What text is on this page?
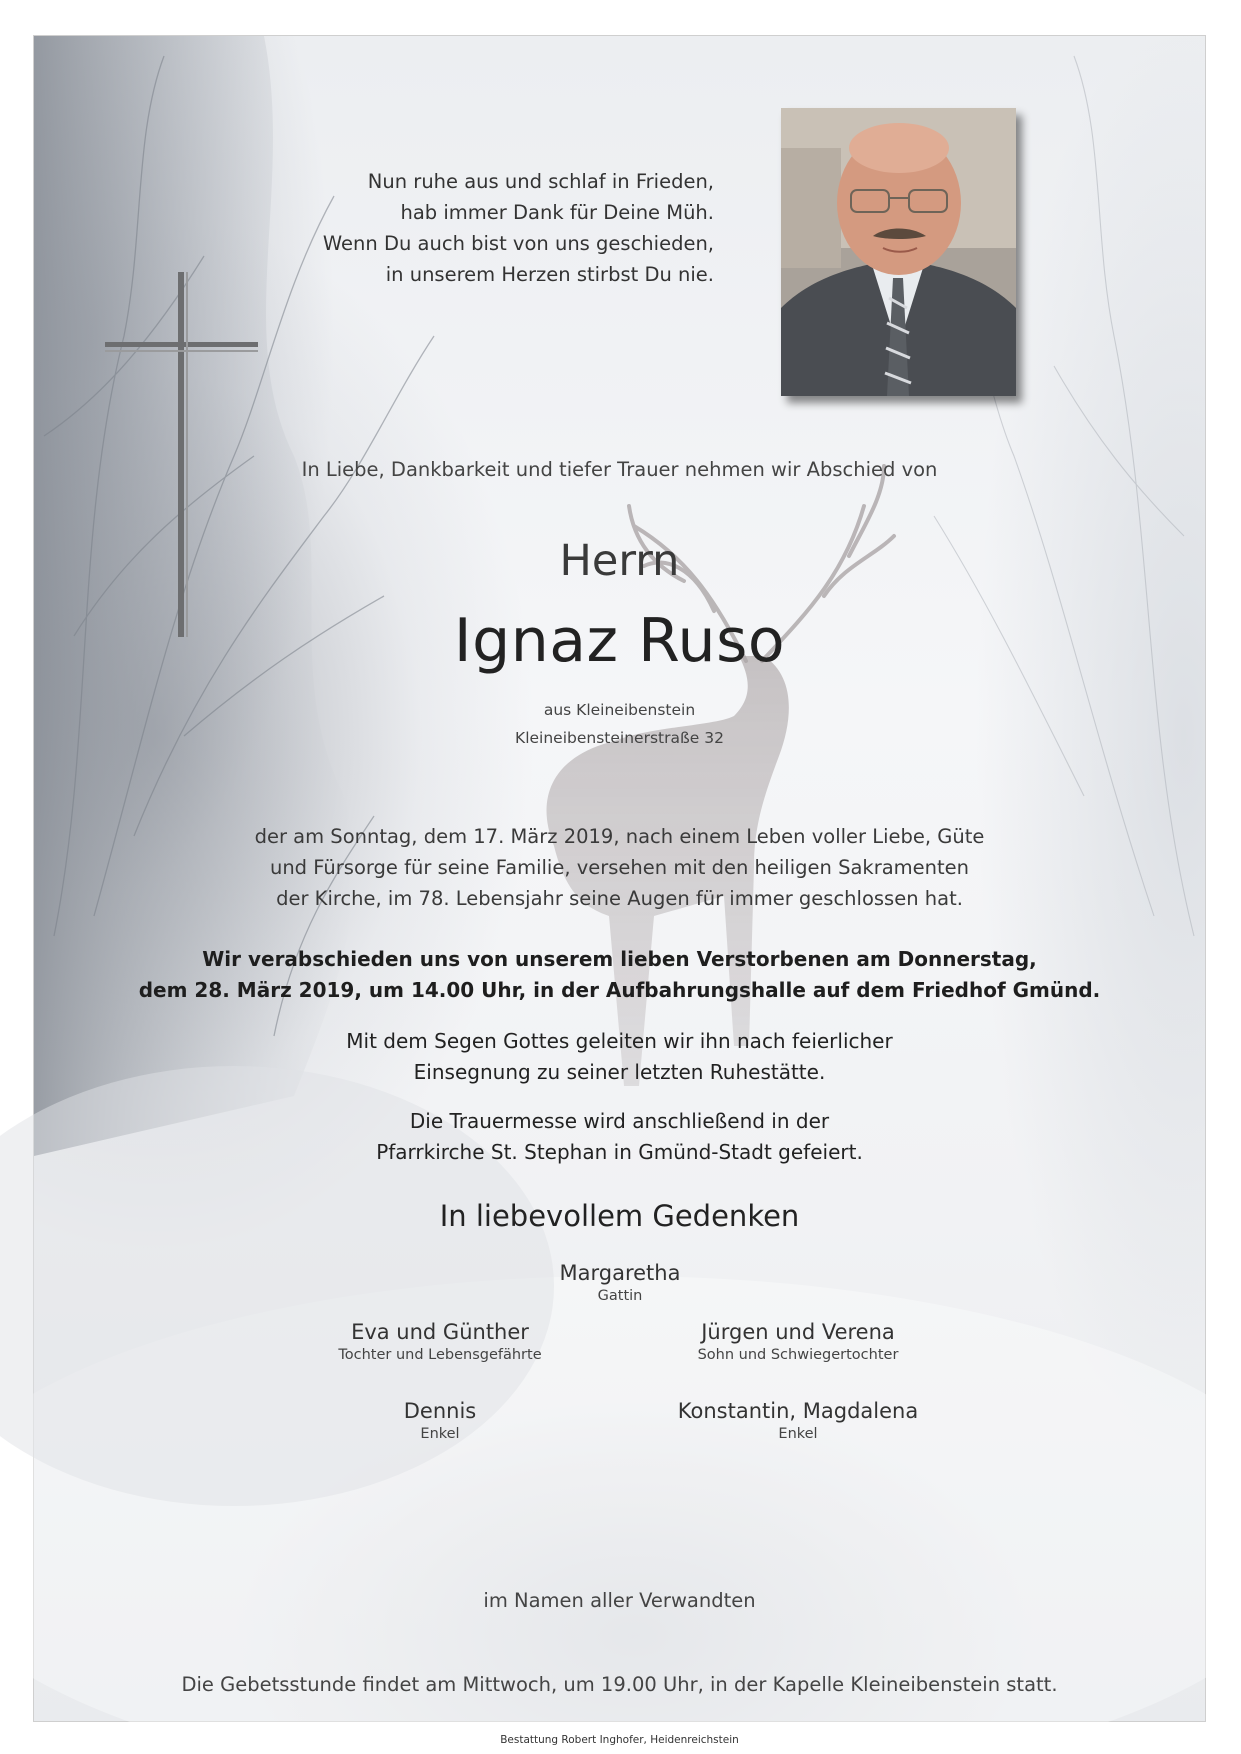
Nun ruhe aus und schlaf in Frieden,
hab immer Dank für Deine Müh.
Wenn Du auch bist von uns geschieden,
in unserem Herzen stirbst Du nie.
In Liebe, Dankbarkeit und tiefer Trauer nehmen wir Abschied von
Herrn
Ignaz Ruso
aus Kleineibenstein
Kleineibensteinerstraße 32
der am Sonntag, dem 17. März 2019, nach einem Leben voller Liebe, Güte
und Fürsorge für seine Familie, versehen mit den heiligen Sakramenten
der Kirche, im 78. Lebensjahr seine Augen für immer geschlossen hat.
Wir verabschieden uns von unserem lieben Verstorbenen am Donnerstag,
dem 28. März 2019, um 14.00 Uhr, in der Aufbahrungshalle auf dem Friedhof Gmünd.
Mit dem Segen Gottes geleiten wir ihn nach feierlicher
Einsegnung zu seiner letzten Ruhestätte.
Die Trauermesse wird anschließend in der
Pfarrkirche St. Stephan in Gmünd-Stadt gefeiert.
In liebevollem Gedenken
Margaretha
Gattin
Eva und Günther
Tochter und Lebensgefährte
Jürgen und Verena
Sohn und Schwiegertochter
Dennis
Enkel
Konstantin, Magdalena
Enkel
im Namen aller Verwandten
Die Gebetsstunde findet am Mittwoch, um 19.00 Uhr, in der Kapelle Kleineibenstein statt.
Bestattung Robert Inghofer, Heidenreichstein
